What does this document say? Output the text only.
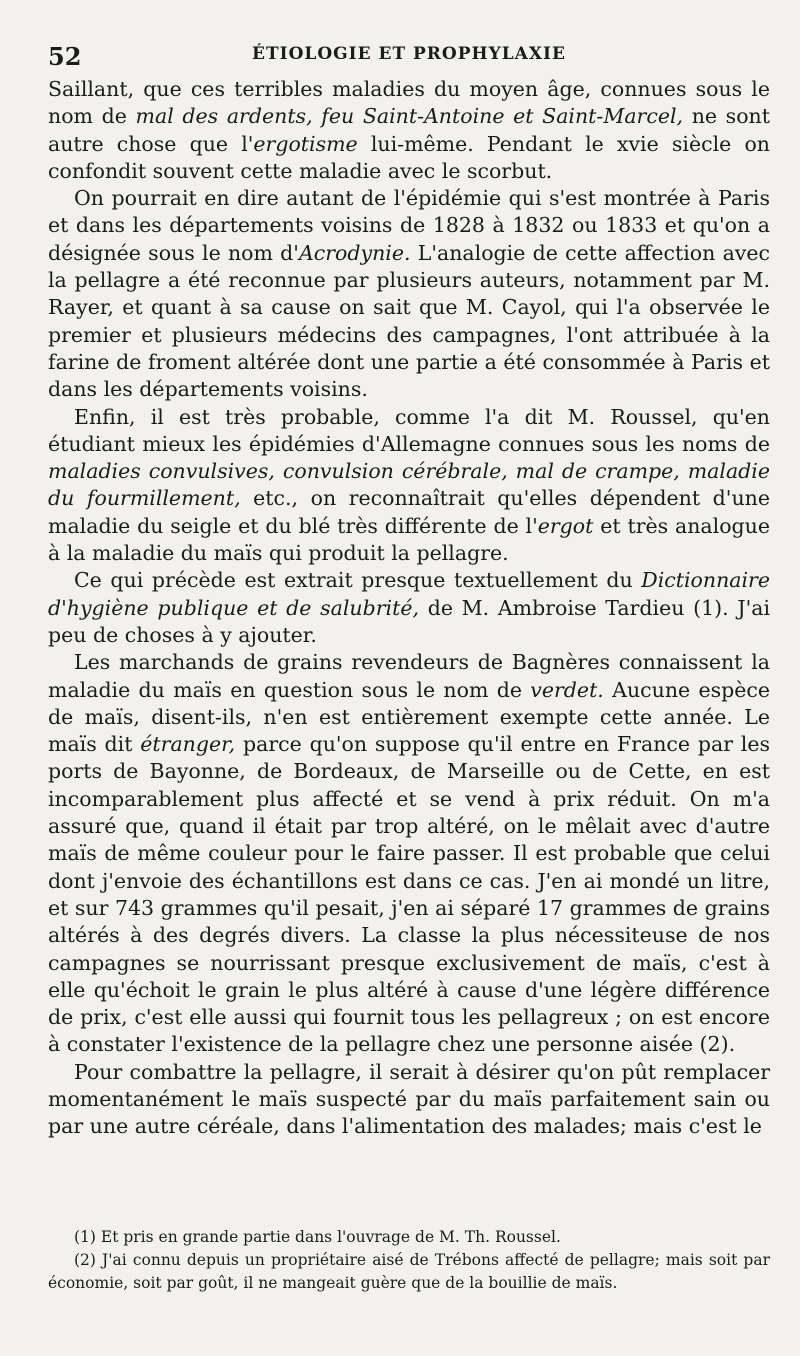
52	ÉTIOLOGIE ET PROPHYLAXIE

Saillant, que ces terribles maladies du moyen âge, connues sous le nom de mal des ardents, feu Saint-Antoine et Saint-Marcel, ne sont autre chose que l'ergotisme lui-même. Pendant le xvie siècle on confondit souvent cette maladie avec le scorbut.

On pourrait en dire autant de l'épidémie qui s'est montrée à Paris et dans les départements voisins de 1828 à 1832 ou 1833 et qu'on a désignée sous le nom d'Acrodynie. L'analogie de cette affection avec la pellagre a été reconnue par plusieurs auteurs, notamment par M. Rayer, et quant à sa cause on sait que M. Cayol, qui l'a observée le premier et plusieurs médecins des campagnes, l'ont attribuée à la farine de froment altérée dont une partie a été consommée à Paris et dans les départements voisins.

Enfin, il est très probable, comme l'a dit M. Roussel, qu'en étudiant mieux les épidémies d'Allemagne connues sous les noms de maladies convulsives, convulsion cérébrale, mal de crampe, maladie du fourmillement, etc., on reconnaîtrait qu'elles dépendent d'une maladie du seigle et du blé très différente de l'ergot et très analogue à la maladie du maïs qui produit la pellagre.

Ce qui précède est extrait presque textuellement du Dictionnaire d'hygiène publique et de salubrité, de M. Ambroise Tardieu (1). J'ai peu de choses à y ajouter.

Les marchands de grains revendeurs de Bagnères connaissent la maladie du maïs en question sous le nom de verdet. Aucune espèce de maïs, disent-ils, n'en est entièrement exempte cette année. Le maïs dit étranger, parce qu'on suppose qu'il entre en France par les ports de Bayonne, de Bordeaux, de Marseille ou de Cette, en est incomparablement plus affecté et se vend à prix réduit. On m'a assuré que, quand il était par trop altéré, on le mêlait avec d'autre maïs de même couleur pour le faire passer. Il est probable que celui dont j'envoie des échantillons est dans ce cas. J'en ai mondé un litre, et sur 743 grammes qu'il pesait, j'en ai séparé 17 grammes de grains altérés à des degrés divers. La classe la plus nécessiteuse de nos campagnes se nourrissant presque exclusivement de maïs, c'est à elle qu'échoit le grain le plus altéré à cause d'une légère différence de prix, c'est elle aussi qui fournit tous les pellagreux ; on est encore à constater l'existence de la pellagre chez une personne aisée (2).

Pour combattre la pellagre, il serait à désirer qu'on pût remplacer momentanément le maïs suspecté par du maïs parfaitement sain ou par une autre céréale, dans l'alimentation des malades; mais c'est le

(1) Et pris en grande partie dans l'ouvrage de M. Th. Roussel.

(2) J'ai connu depuis un propriétaire aisé de Trébons affecté de pellagre; mais soit par économie, soit par goût, il ne mangeait guère que de la bouillie de maïs.
